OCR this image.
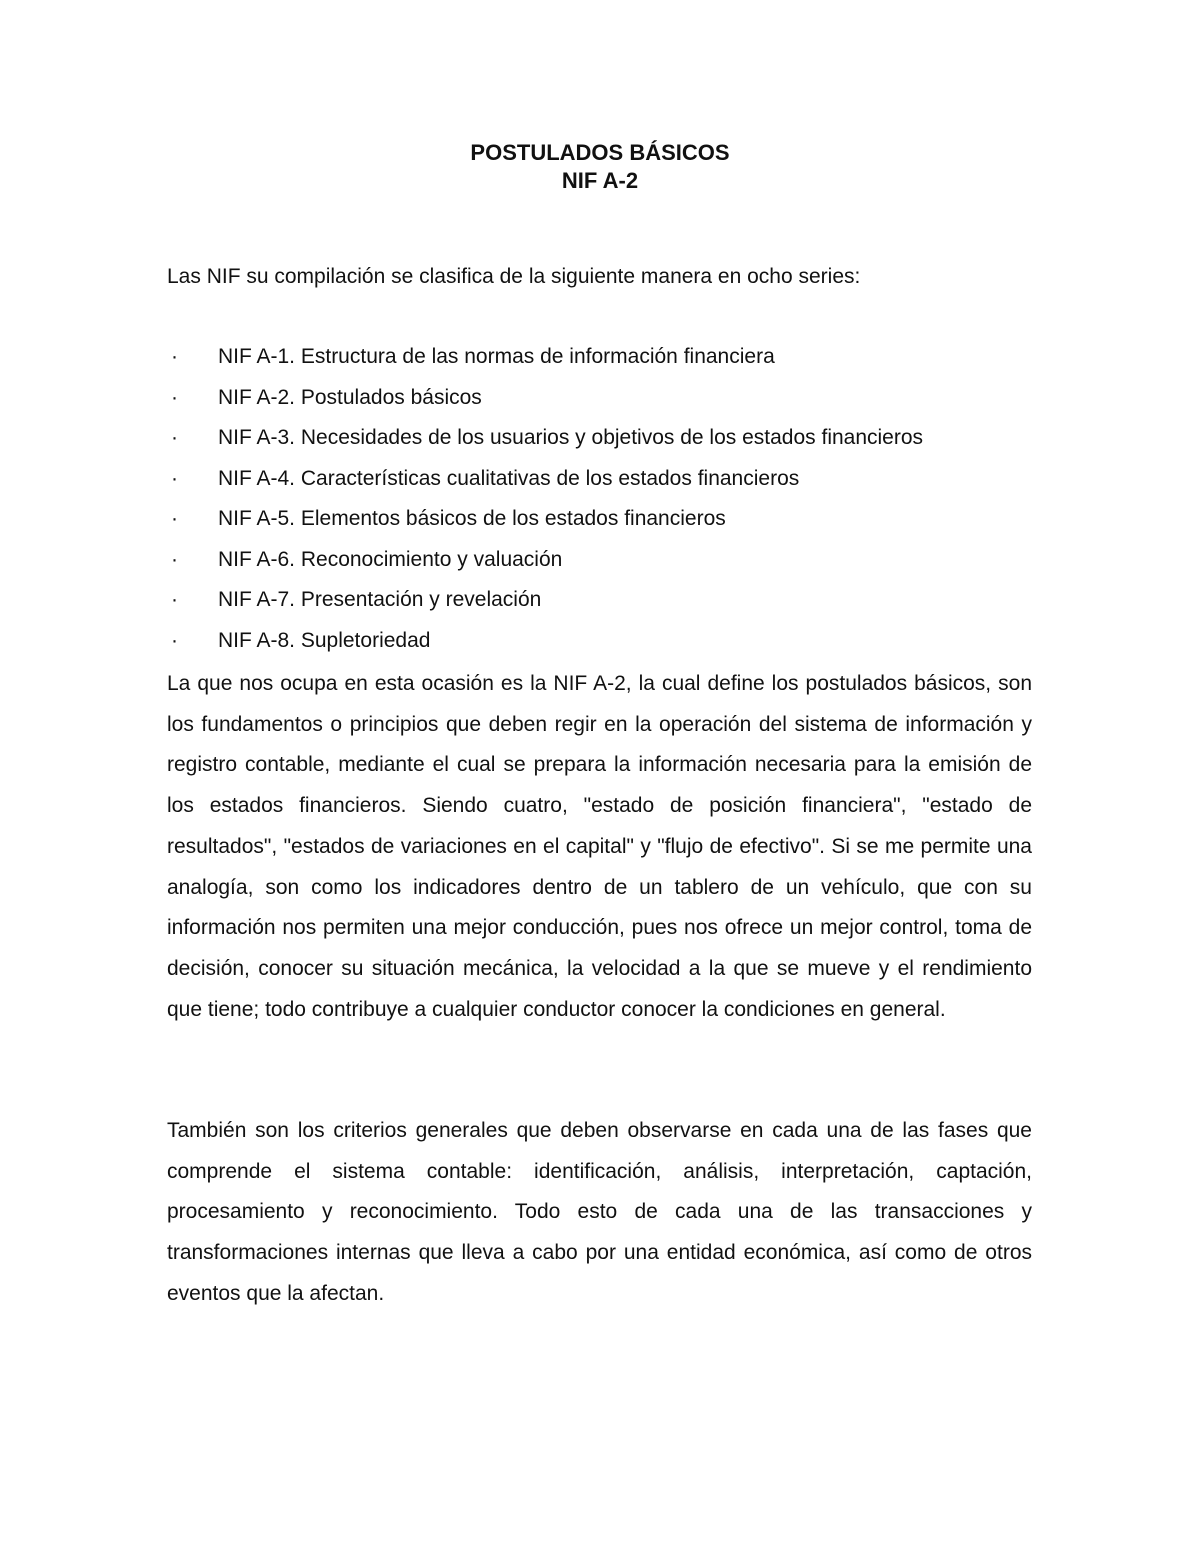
POSTULADOS BÁSICOS
NIF A-2

Las NIF su compilación se clasifica de la siguiente manera en ocho series:

· NIF A-1. Estructura de las normas de información financiera
· NIF A-2. Postulados básicos
· NIF A-3. Necesidades de los usuarios y objetivos de los estados financieros
· NIF A-4. Características cualitativas de los estados financieros
· NIF A-5. Elementos básicos de los estados financieros
· NIF A-6. Reconocimiento y valuación
· NIF A-7. Presentación y revelación
· NIF A-8. Supletoriedad

La que nos ocupa en esta ocasión es la NIF A-2, la cual define los postulados básicos, son los fundamentos o principios que deben regir en la operación del sistema de información y registro contable, mediante el cual se prepara la información necesaria para la emisión de los estados financieros. Siendo cuatro, "estado de posición financiera", "estado de resultados", "estados de variaciones en el capital" y "flujo de efectivo". Si se me permite una analogía, son como los indicadores dentro de un tablero de un vehículo, que con su información nos permiten una mejor conducción, pues nos ofrece un mejor control, toma de decisión, conocer su situación mecánica, la velocidad a la que se mueve y el rendimiento que tiene; todo contribuye a cualquier conductor conocer la condiciones en general.

También son los criterios generales que deben observarse en cada una de las fases que comprende el sistema contable: identificación, análisis, interpretación, captación, procesamiento y reconocimiento. Todo esto de cada una de las transacciones y transformaciones internas que lleva a cabo por una entidad económica, así como de otros eventos que la afectan.
